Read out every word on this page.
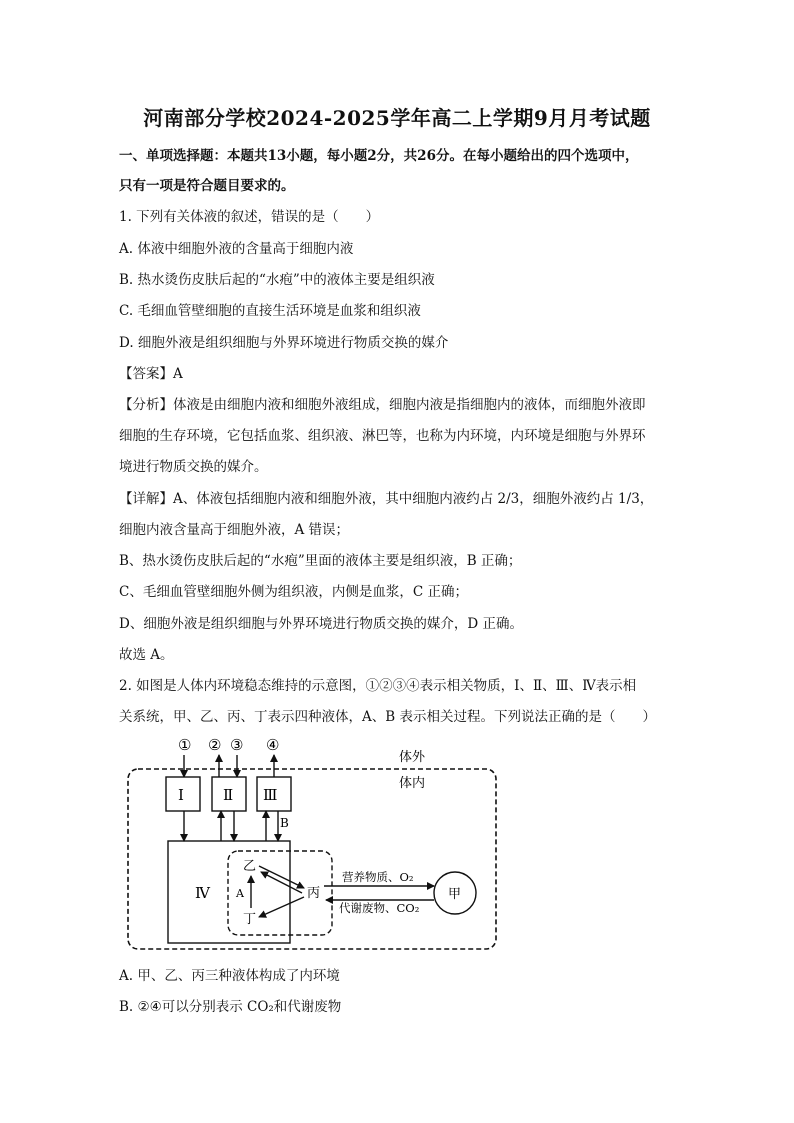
河南部分学校2024-2025学年高二上学期9月月考试题
一、单项选择题：本题共13小题，每小题2分，共26分。在每小题给出的四个选项中，
只有一项是符合题目要求的。
1. 下列有关体液的叙述，错误的是（　　）
A. 体液中细胞外液的含量高于细胞内液
B. 热水烫伤皮肤后起的“水疱”中的液体主要是组织液
C. 毛细血管壁细胞的直接生活环境是血浆和组织液
D. 细胞外液是组织细胞与外界环境进行物质交换的媒介
【答案】A
【分析】体液是由细胞内液和细胞外液组成，细胞内液是指细胞内的液体，而细胞外液即
细胞的生存环境，它包括血浆、组织液、淋巴等，也称为内环境，内环境是细胞与外界环
境进行物质交换的媒介。
【详解】A、体液包括细胞内液和细胞外液，其中细胞内液约占 2/3，细胞外液约占 1/3，
细胞内液含量高于细胞外液，A 错误；
B、热水烫伤皮肤后起的“水疱”里面的液体主要是组织液，B 正确；
C、毛细血管壁细胞外侧为组织液，内侧是血浆，C 正确；
D、细胞外液是组织细胞与外界环境进行物质交换的媒介，D 正确。
故选 A。
2. 如图是人体内环境稳态维持的示意图，①②③④表示相关物质，Ⅰ、Ⅱ、Ⅲ、Ⅳ表示相
关系统，甲、乙、丙、丁表示四种液体，A、B 表示相关过程。下列说法正确的是（　　）
体外
体内
① ② ③ ④
Ⅰ	Ⅱ Ⅲ
B
Ⅳ
乙
丙
丁
A
营养物质、O₂
代谢废物、CO₂
甲
A. 甲、乙、丙三种液体构成了内环境
B. ②④可以分别表示 CO₂和代谢废物
